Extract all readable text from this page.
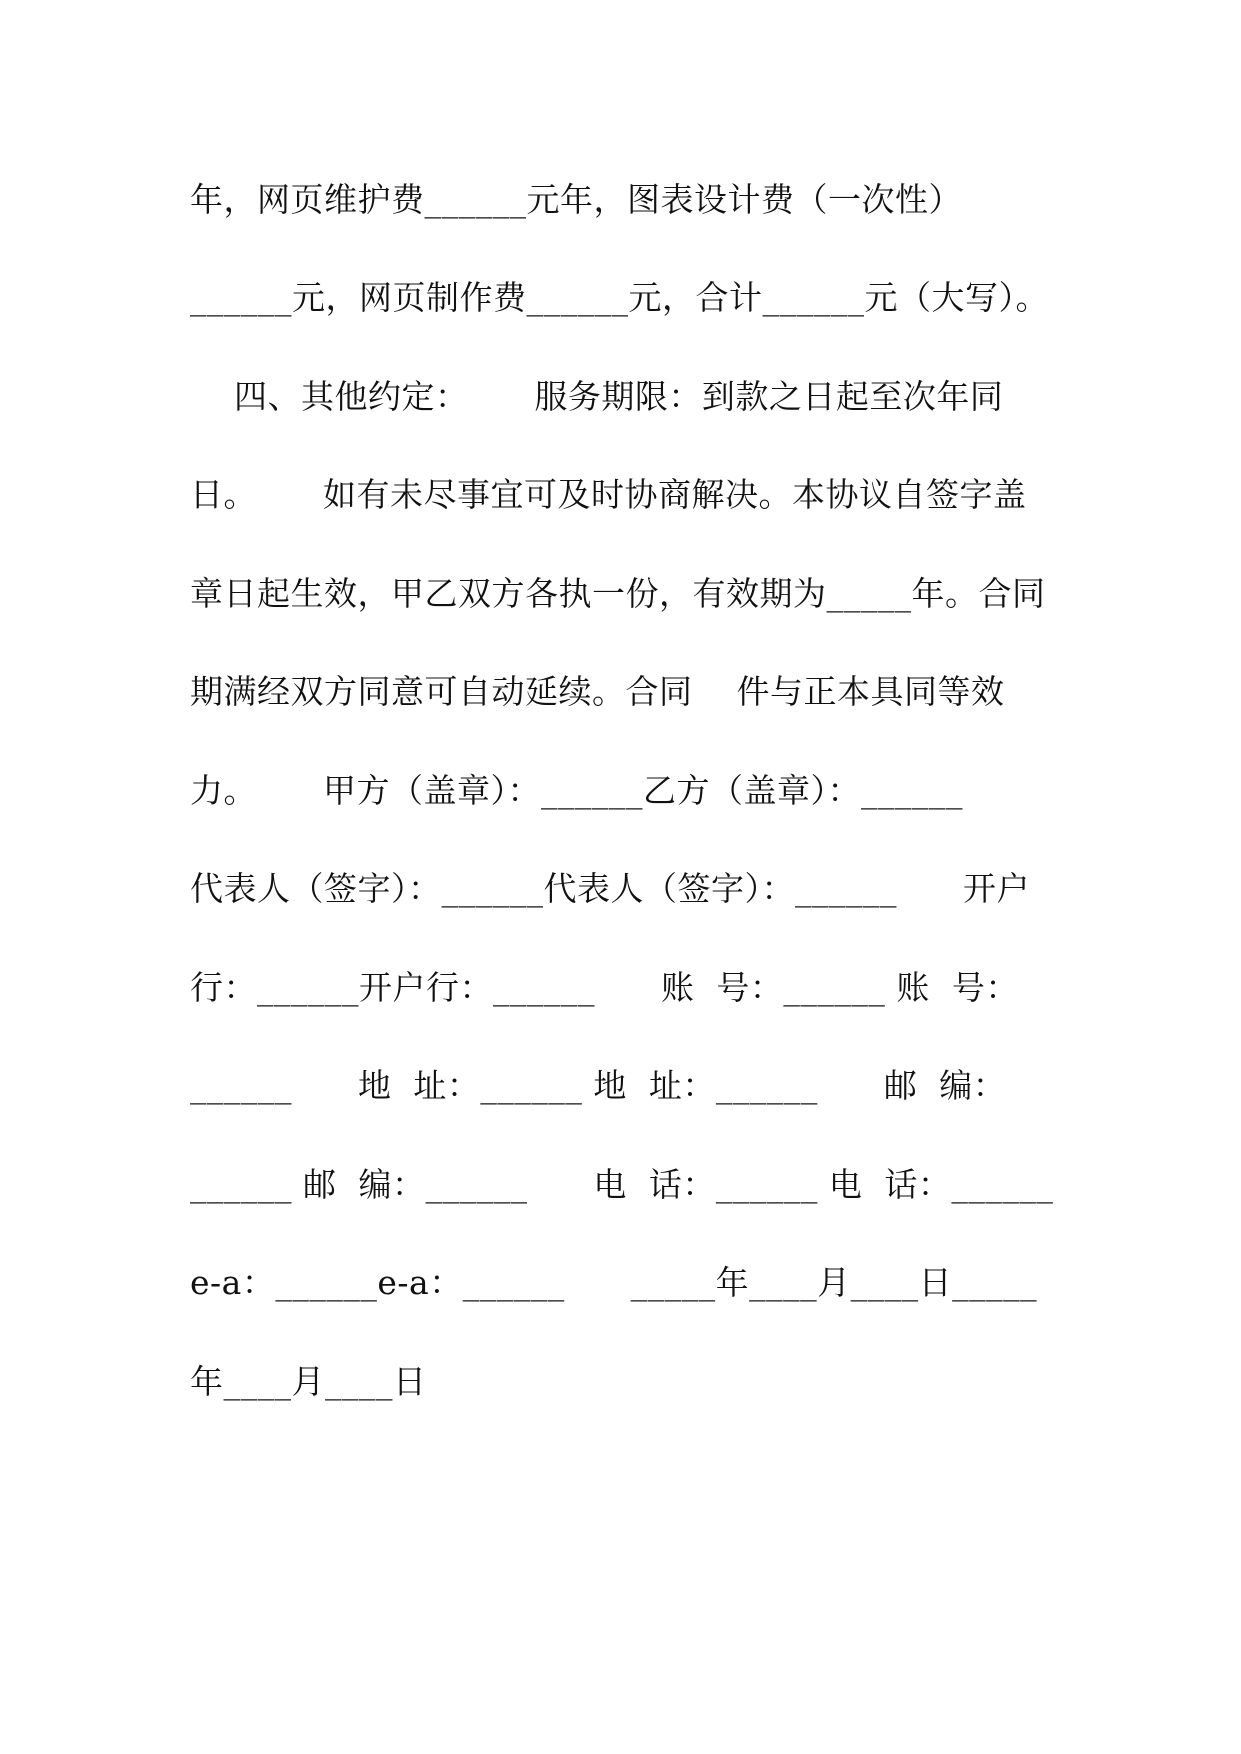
年，网页维护费______元年，图表设计费（一次性）
______元，网页制作费______元，合计______元（大写）。
四、其他约定：      服务期限：到款之日起至次年同
日。      如有未尽事宜可及时协商解决。本协议自签字盖
章日起生效，甲乙双方各执一份，有效期为_____年。合同
期满经双方同意可自动延续。合同    件与正本具同等效
力。      甲方（盖章）：______乙方（盖章）：______
代表人（签字）：______代表人（签字）：______      开户
行：______开户行：______      账  号：______ 账  号：
______      地  址：______ 地  址：______      邮  编：
______ 邮  编：______      电  话：______ 电  话：______
e-a：______e-a：______      _____年____月____日_____
年____月____日
